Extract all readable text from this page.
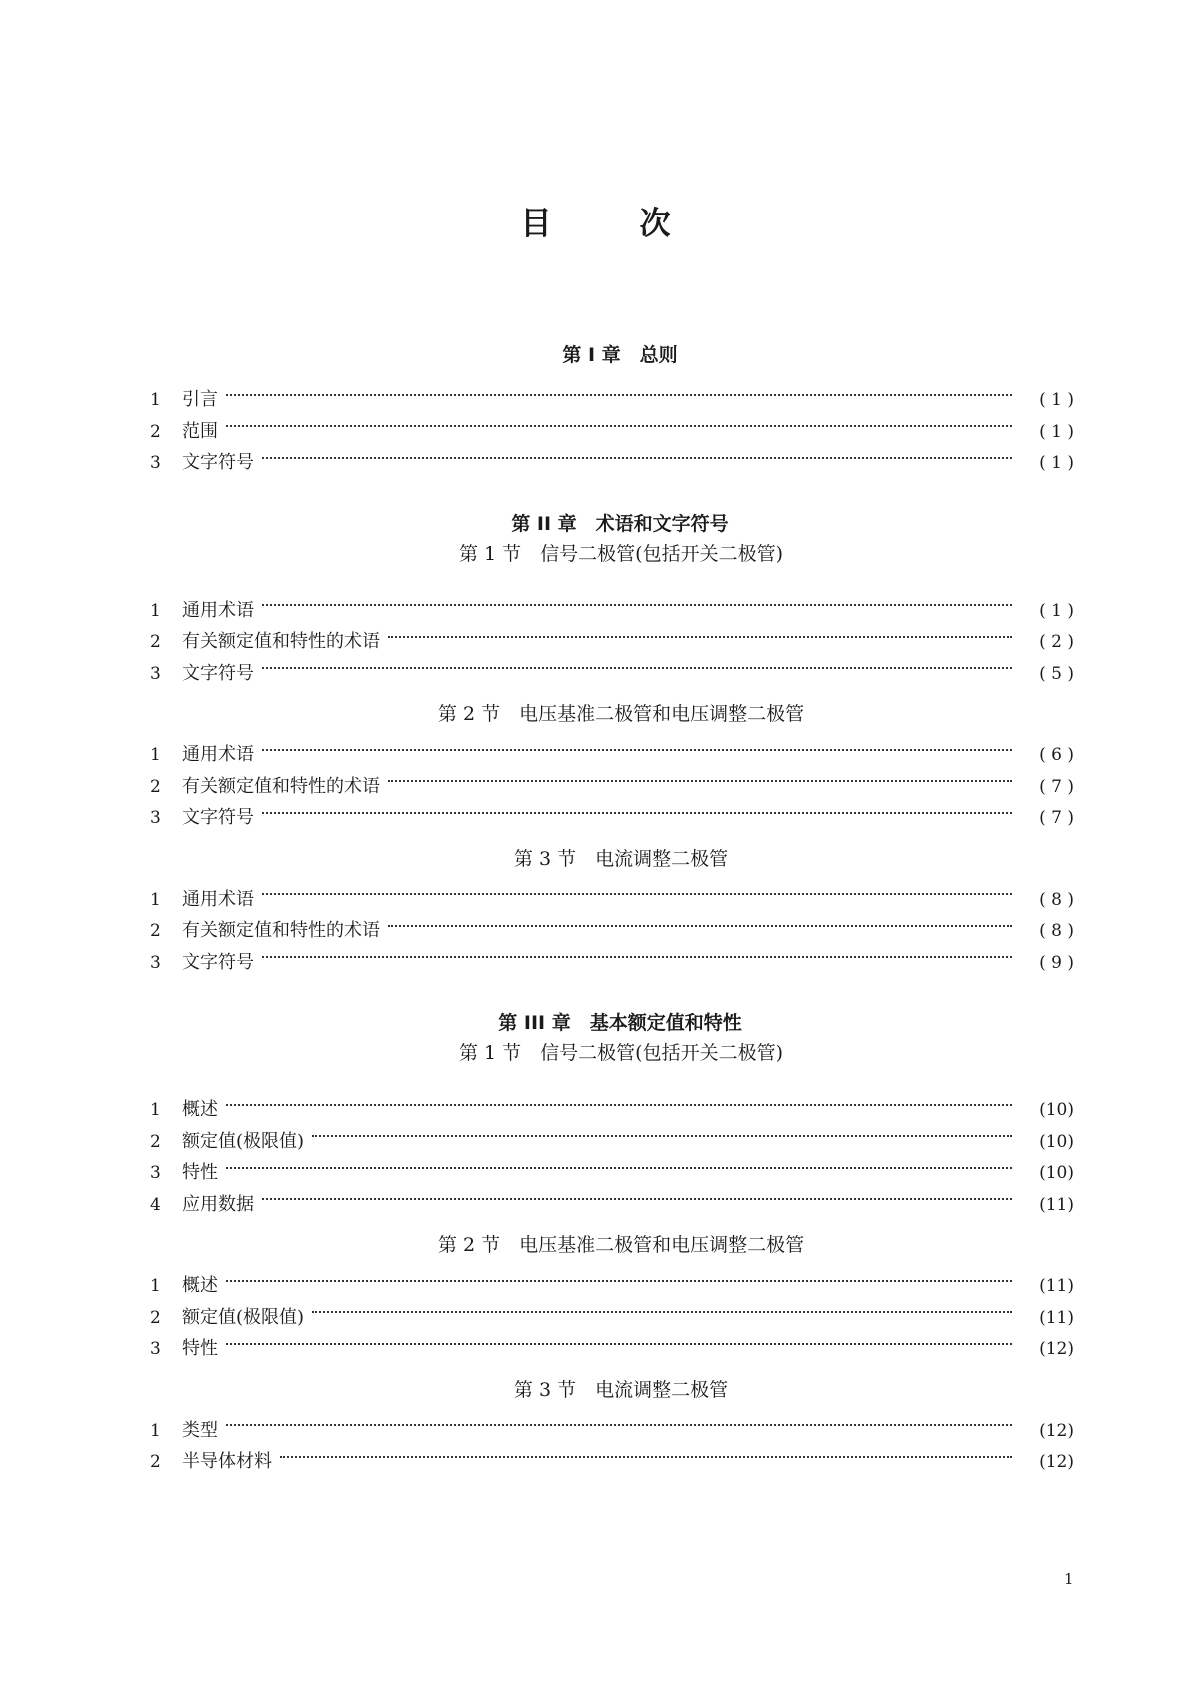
目次
第 I 章　总则
1	引言	( 1 )
2	范围	( 1 )
3	文字符号	( 1 )
第 II 章　术语和文字符号
第 1 节　信号二极管(包括开关二极管)
1	通用术语	( 1 )
2	有关额定值和特性的术语	( 2 )
3	文字符号	( 5 )
第 2 节　电压基准二极管和电压调整二极管
1	通用术语	( 6 )
2	有关额定值和特性的术语	( 7 )
3	文字符号	( 7 )
第 3 节　电流调整二极管
1	通用术语	( 8 )
2	有关额定值和特性的术语	( 8 )
3	文字符号	( 9 )
第 III 章　基本额定值和特性
第 1 节　信号二极管(包括开关二极管)
1	概述	(10)
2	额定值(极限值)	(10)
3	特性	(10)
4	应用数据	(11)
第 2 节　电压基准二极管和电压调整二极管
1	概述	(11)
2	额定值(极限值)	(11)
3	特性	(12)
第 3 节　电流调整二极管
1	类型	(12)
2	半导体材料	(12)
1
